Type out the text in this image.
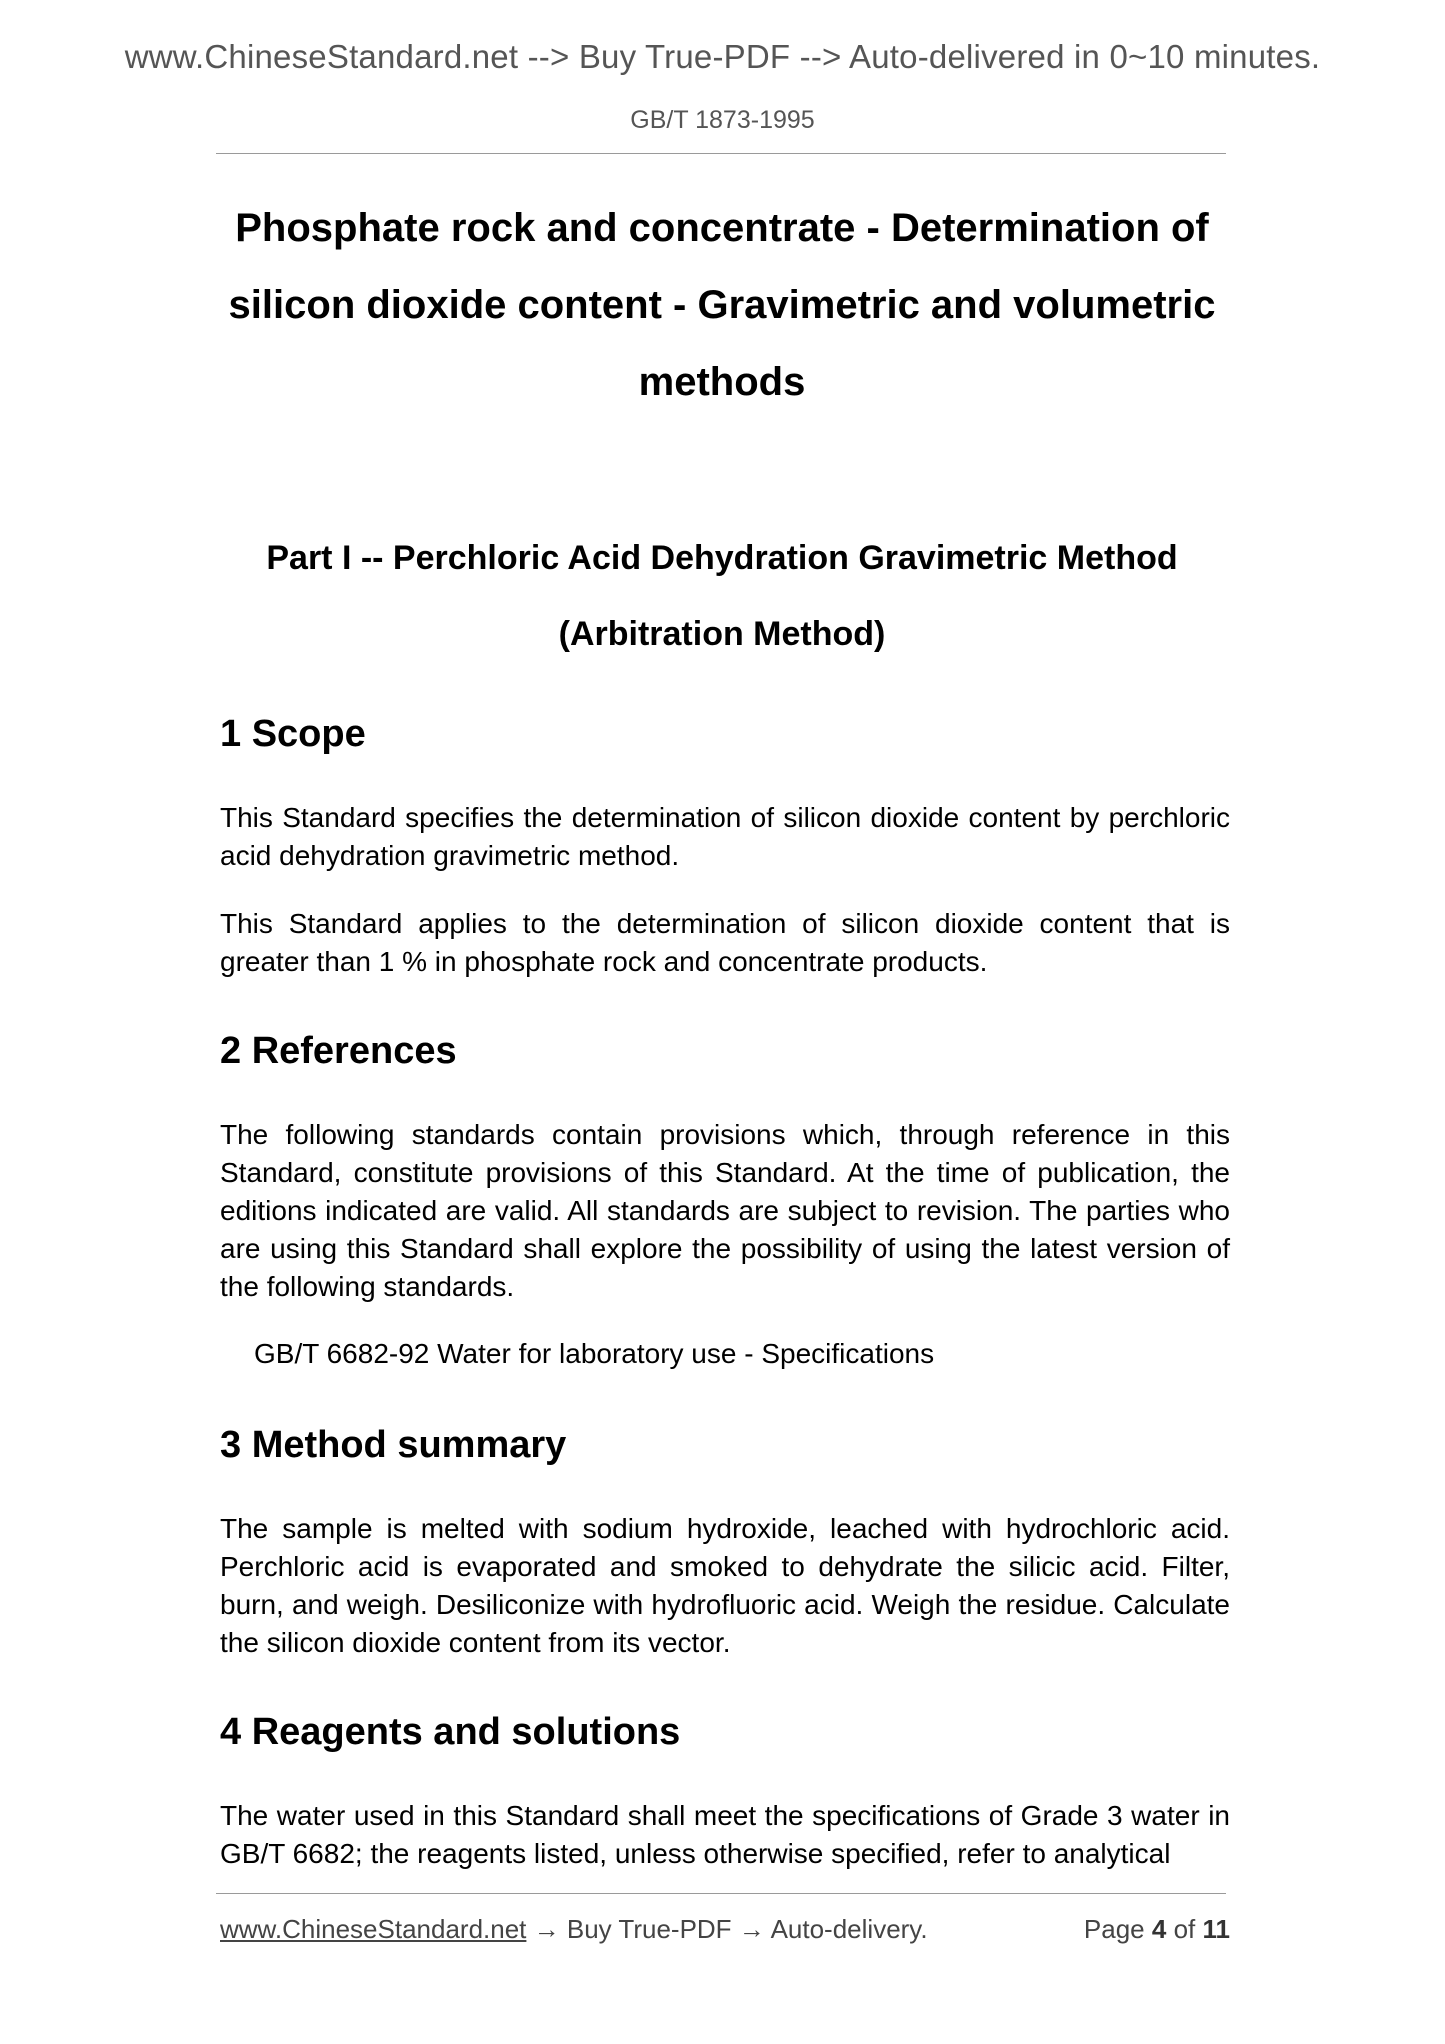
www.ChineseStandard.net --> Buy True-PDF --> Auto-delivered in 0~10 minutes.
GB/T 1873-1995
Phosphate rock and concentrate - Determination of
silicon dioxide content - Gravimetric and volumetric
methods
Part I -- Perchloric Acid Dehydration Gravimetric Method
(Arbitration Method)
1 Scope
This Standard specifies the determination of silicon dioxide content by perchloric acid dehydration gravimetric method.
This Standard applies to the determination of silicon dioxide content that is greater than 1 % in phosphate rock and concentrate products.
2 References
The following standards contain provisions which, through reference in this Standard, constitute provisions of this Standard. At the time of publication, the editions indicated are valid. All standards are subject to revision. The parties who are using this Standard shall explore the possibility of using the latest version of the following standards.
GB/T 6682-92 Water for laboratory use - Specifications
3 Method summary
The sample is melted with sodium hydroxide, leached with hydrochloric acid. Perchloric acid is evaporated and smoked to dehydrate the silicic acid. Filter, burn, and weigh. Desiliconize with hydrofluoric acid. Weigh the residue. Calculate the silicon dioxide content from its vector.
4 Reagents and solutions
The water used in this Standard shall meet the specifications of Grade 3 water in GB/T 6682; the reagents listed, unless otherwise specified, refer to analytical
www.ChineseStandard.net → Buy True-PDF → Auto-delivery.	Page 4 of 11
